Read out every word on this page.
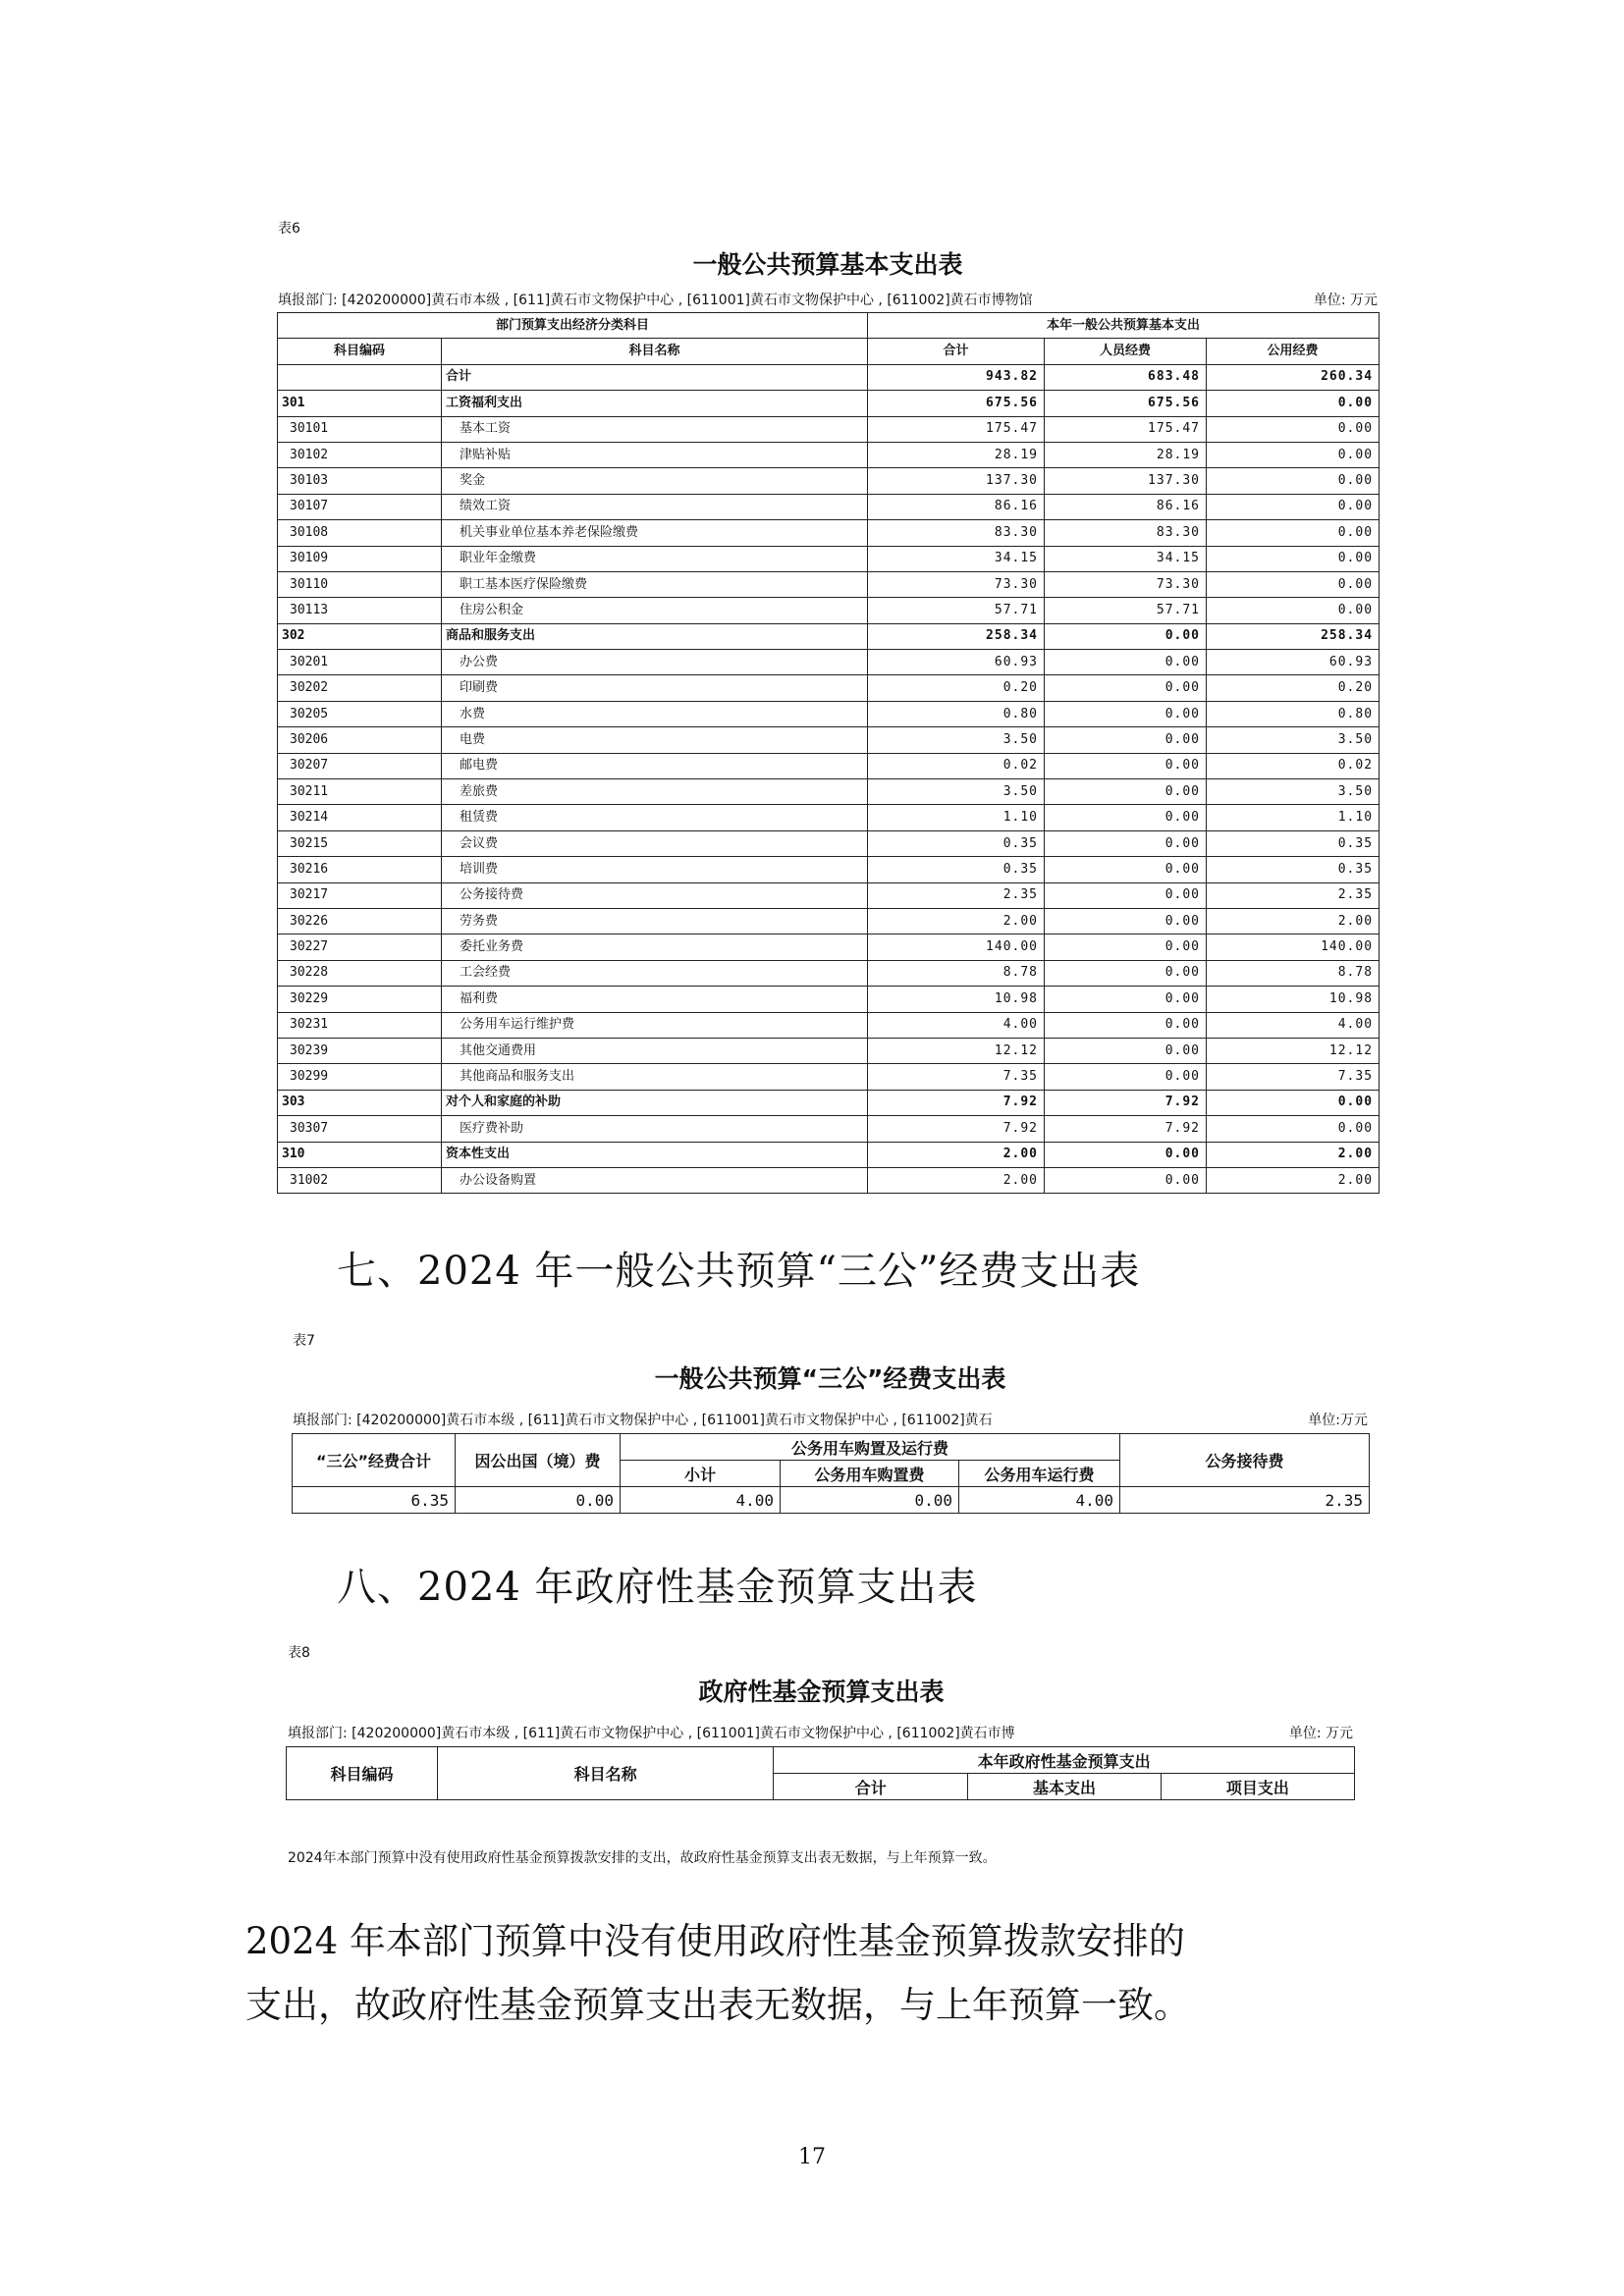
表6
一般公共预算基本支出表
填报部门: [420200000]黄石市本级 , [611]黄石市文物保护中心 , [611001]黄石市文物保护中心 , [611002]黄石市博物馆	单位: 万元
部门预算支出经济分类科目		本年一般公共预算基本支出		
科目编码	科目名称	合计	人员经费	公用经费
	合计	943.82	683.48	260.34
301	工资福利支出	675.56	675.56	0.00
30101	基本工资	175.47	175.47	0.00
30102	津贴补贴	28.19	28.19	0.00
30103	奖金	137.30	137.30	0.00
30107	绩效工资	86.16	86.16	0.00
30108	机关事业单位基本养老保险缴费	83.30	83.30	0.00
30109	职业年金缴费	34.15	34.15	0.00
30110	职工基本医疗保险缴费	73.30	73.30	0.00
30113	住房公积金	57.71	57.71	0.00
302	商品和服务支出	258.34	0.00	258.34
30201	办公费	60.93	0.00	60.93
30202	印刷费	0.20	0.00	0.20
30205	水费	0.80	0.00	0.80
30206	电费	3.50	0.00	3.50
30207	邮电费	0.02	0.00	0.02
30211	差旅费	3.50	0.00	3.50
30214	租赁费	1.10	0.00	1.10
30215	会议费	0.35	0.00	0.35
30216	培训费	0.35	0.00	0.35
30217	公务接待费	2.35	0.00	2.35
30226	劳务费	2.00	0.00	2.00
30227	委托业务费	140.00	0.00	140.00
30228	工会经费	8.78	0.00	8.78
30229	福利费	10.98	0.00	10.98
30231	公务用车运行维护费	4.00	0.00	4.00
30239	其他交通费用	12.12	0.00	12.12
30299	其他商品和服务支出	7.35	0.00	7.35
303	对个人和家庭的补助	7.92	7.92	0.00
30307	医疗费补助	7.92	7.92	0.00
310	资本性支出	2.00	0.00	2.00
31002	办公设备购置	2.00	0.00	2.00
七、2024 年一般公共预算“三公”经费支出表
表7
一般公共预算“三公”经费支出表
填报部门: [420200000]黄石市本级 , [611]黄石市文物保护中心 , [611001]黄石市文物保护中心 , [611002]黄石	单位:万元
“三公”经费合计	因公出国（境）费	公务用车购置及运行费			公务接待费
		小计	公务用车购置费	公务用车运行费	
6.35	0.00	4.00	0.00	4.00	2.35
八、2024 年政府性基金预算支出表
表8
政府性基金预算支出表
填报部门: [420200000]黄石市本级 , [611]黄石市文物保护中心 , [611001]黄石市文物保护中心 , [611002]黄石市博	单位: 万元
科目编码	科目名称	本年政府性基金预算支出		
		合计	基本支出	项目支出
2024年本部门预算中没有使用政府性基金预算拨款安排的支出，故政府性基金预算支出表无数据，与上年预算一致。
2024 年本部门预算中没有使用政府性基金预算拨款安排的
支出，故政府性基金预算支出表无数据，与上年预算一致。
17
